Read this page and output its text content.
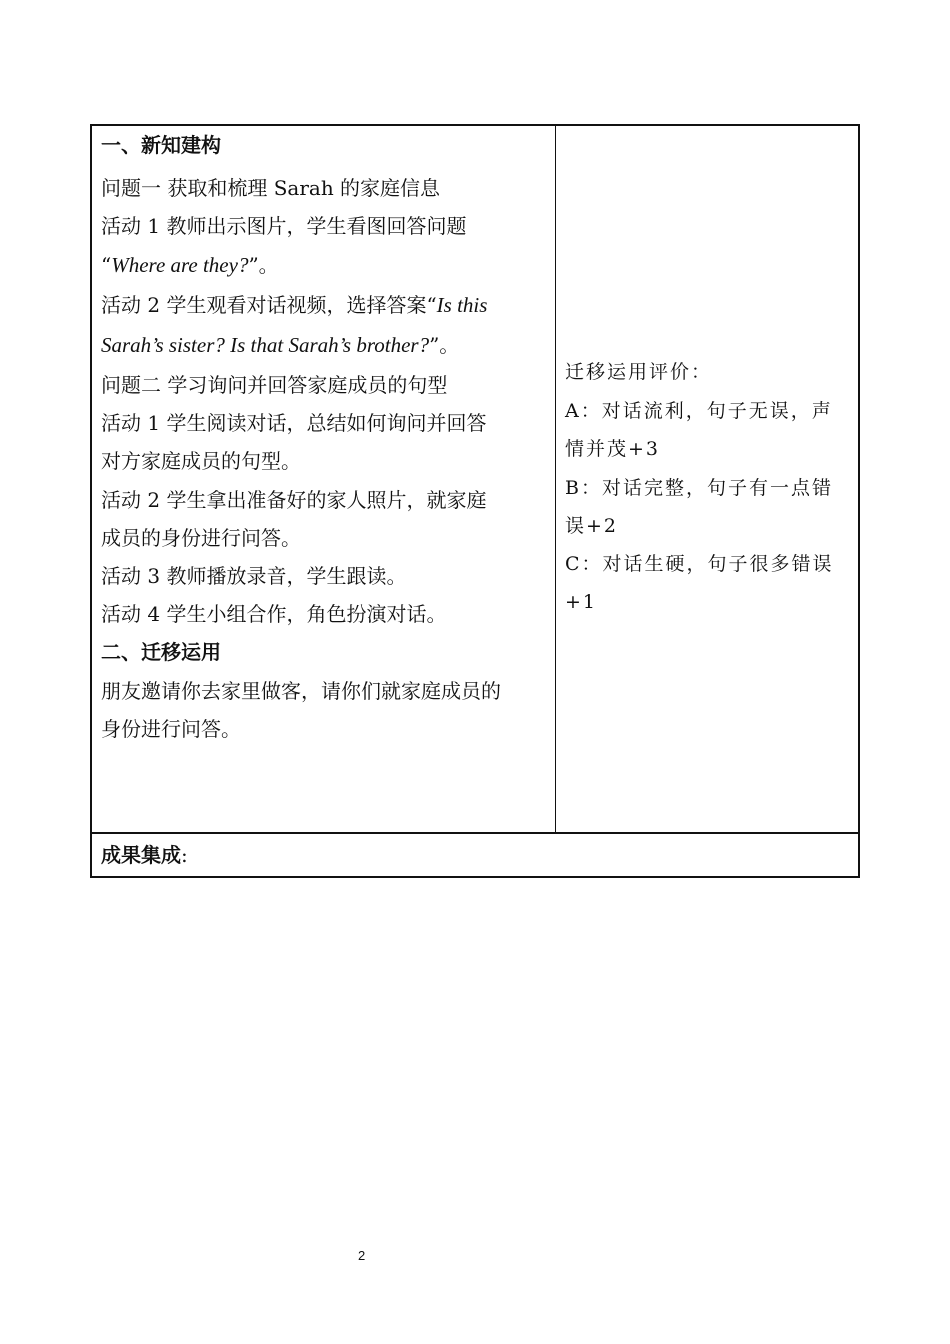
一、新知建构
问题一 获取和梳理 Sarah 的家庭信息
活动 1 教师出示图片，学生看图回答问题
“Where are they?”。
活动 2 学生观看对话视频，选择答案“Is this
Sarah’s sister? Is that Sarah’s brother?”。
问题二 学习询问并回答家庭成员的句型
活动 1 学生阅读对话，总结如何询问并回答
对方家庭成员的句型。
活动 2 学生拿出准备好的家人照片，就家庭
成员的身份进行问答。
活动 3 教师播放录音，学生跟读。
活动 4 学生小组合作，角色扮演对话。
二、迁移运用
朋友邀请你去家里做客，请你们就家庭成员的
身份进行问答。
迁移运用评价：
A：对话流利，句子无误，声
情并茂+3
B：对话完整，句子有一点错
误+2
C：对话生硬，句子很多错误
+1
成果集成:
2
